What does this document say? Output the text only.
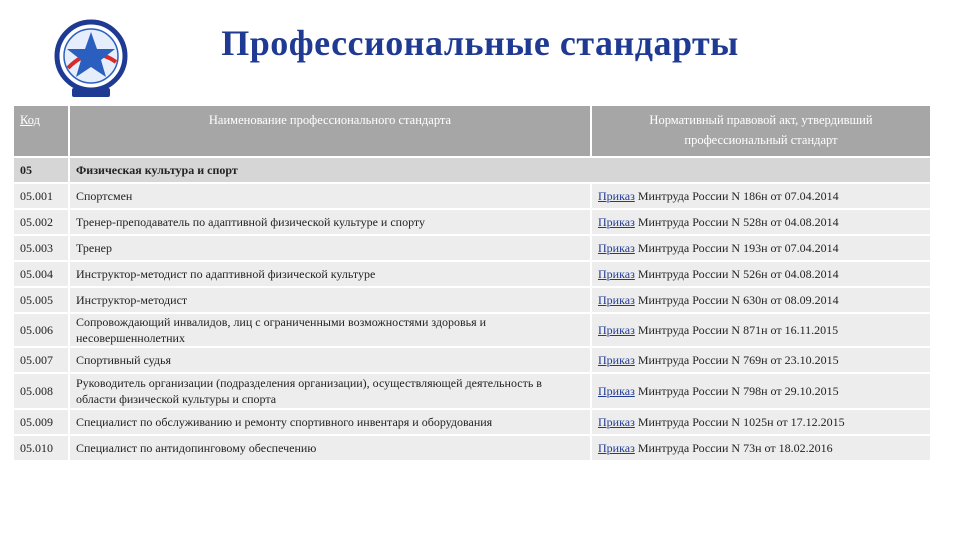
Профессиональные стандарты
Код	Наименование профессионального стандарта	Нормативный правовой акт, утвердивший профессиональный стандарт
05	Физическая культура и спорт	
05.001	Спортсмен	Приказ Минтруда России N 186н от 07.04.2014
05.002	Тренер-преподаватель по адаптивной физической культуре и спорту	Приказ Минтруда России N 528н от 04.08.2014
05.003	Тренер	Приказ Минтруда России N 193н от 07.04.2014
05.004	Инструктор-методист по адаптивной физической культуре	Приказ Минтруда России N 526н от 04.08.2014
05.005	Инструктор-методист	Приказ Минтруда России N 630н от 08.09.2014
05.006	Сопровождающий инвалидов, лиц с ограниченными возможностями здоровья и несовершеннолетних	Приказ Минтруда России N 871н от 16.11.2015
05.007	Спортивный судья	Приказ Минтруда России N 769н от 23.10.2015
05.008	Руководитель организации (подразделения организации), осуществляющей деятельность в области физической культуры и спорта	Приказ Минтруда России N 798н от 29.10.2015
05.009	Специалист по обслуживанию и ремонту спортивного инвентаря и оборудования	Приказ Минтруда России N 1025н от 17.12.2015
05.010	Специалист по антидопинговому обеспечению	Приказ Минтруда России N 73н от 18.02.2016
